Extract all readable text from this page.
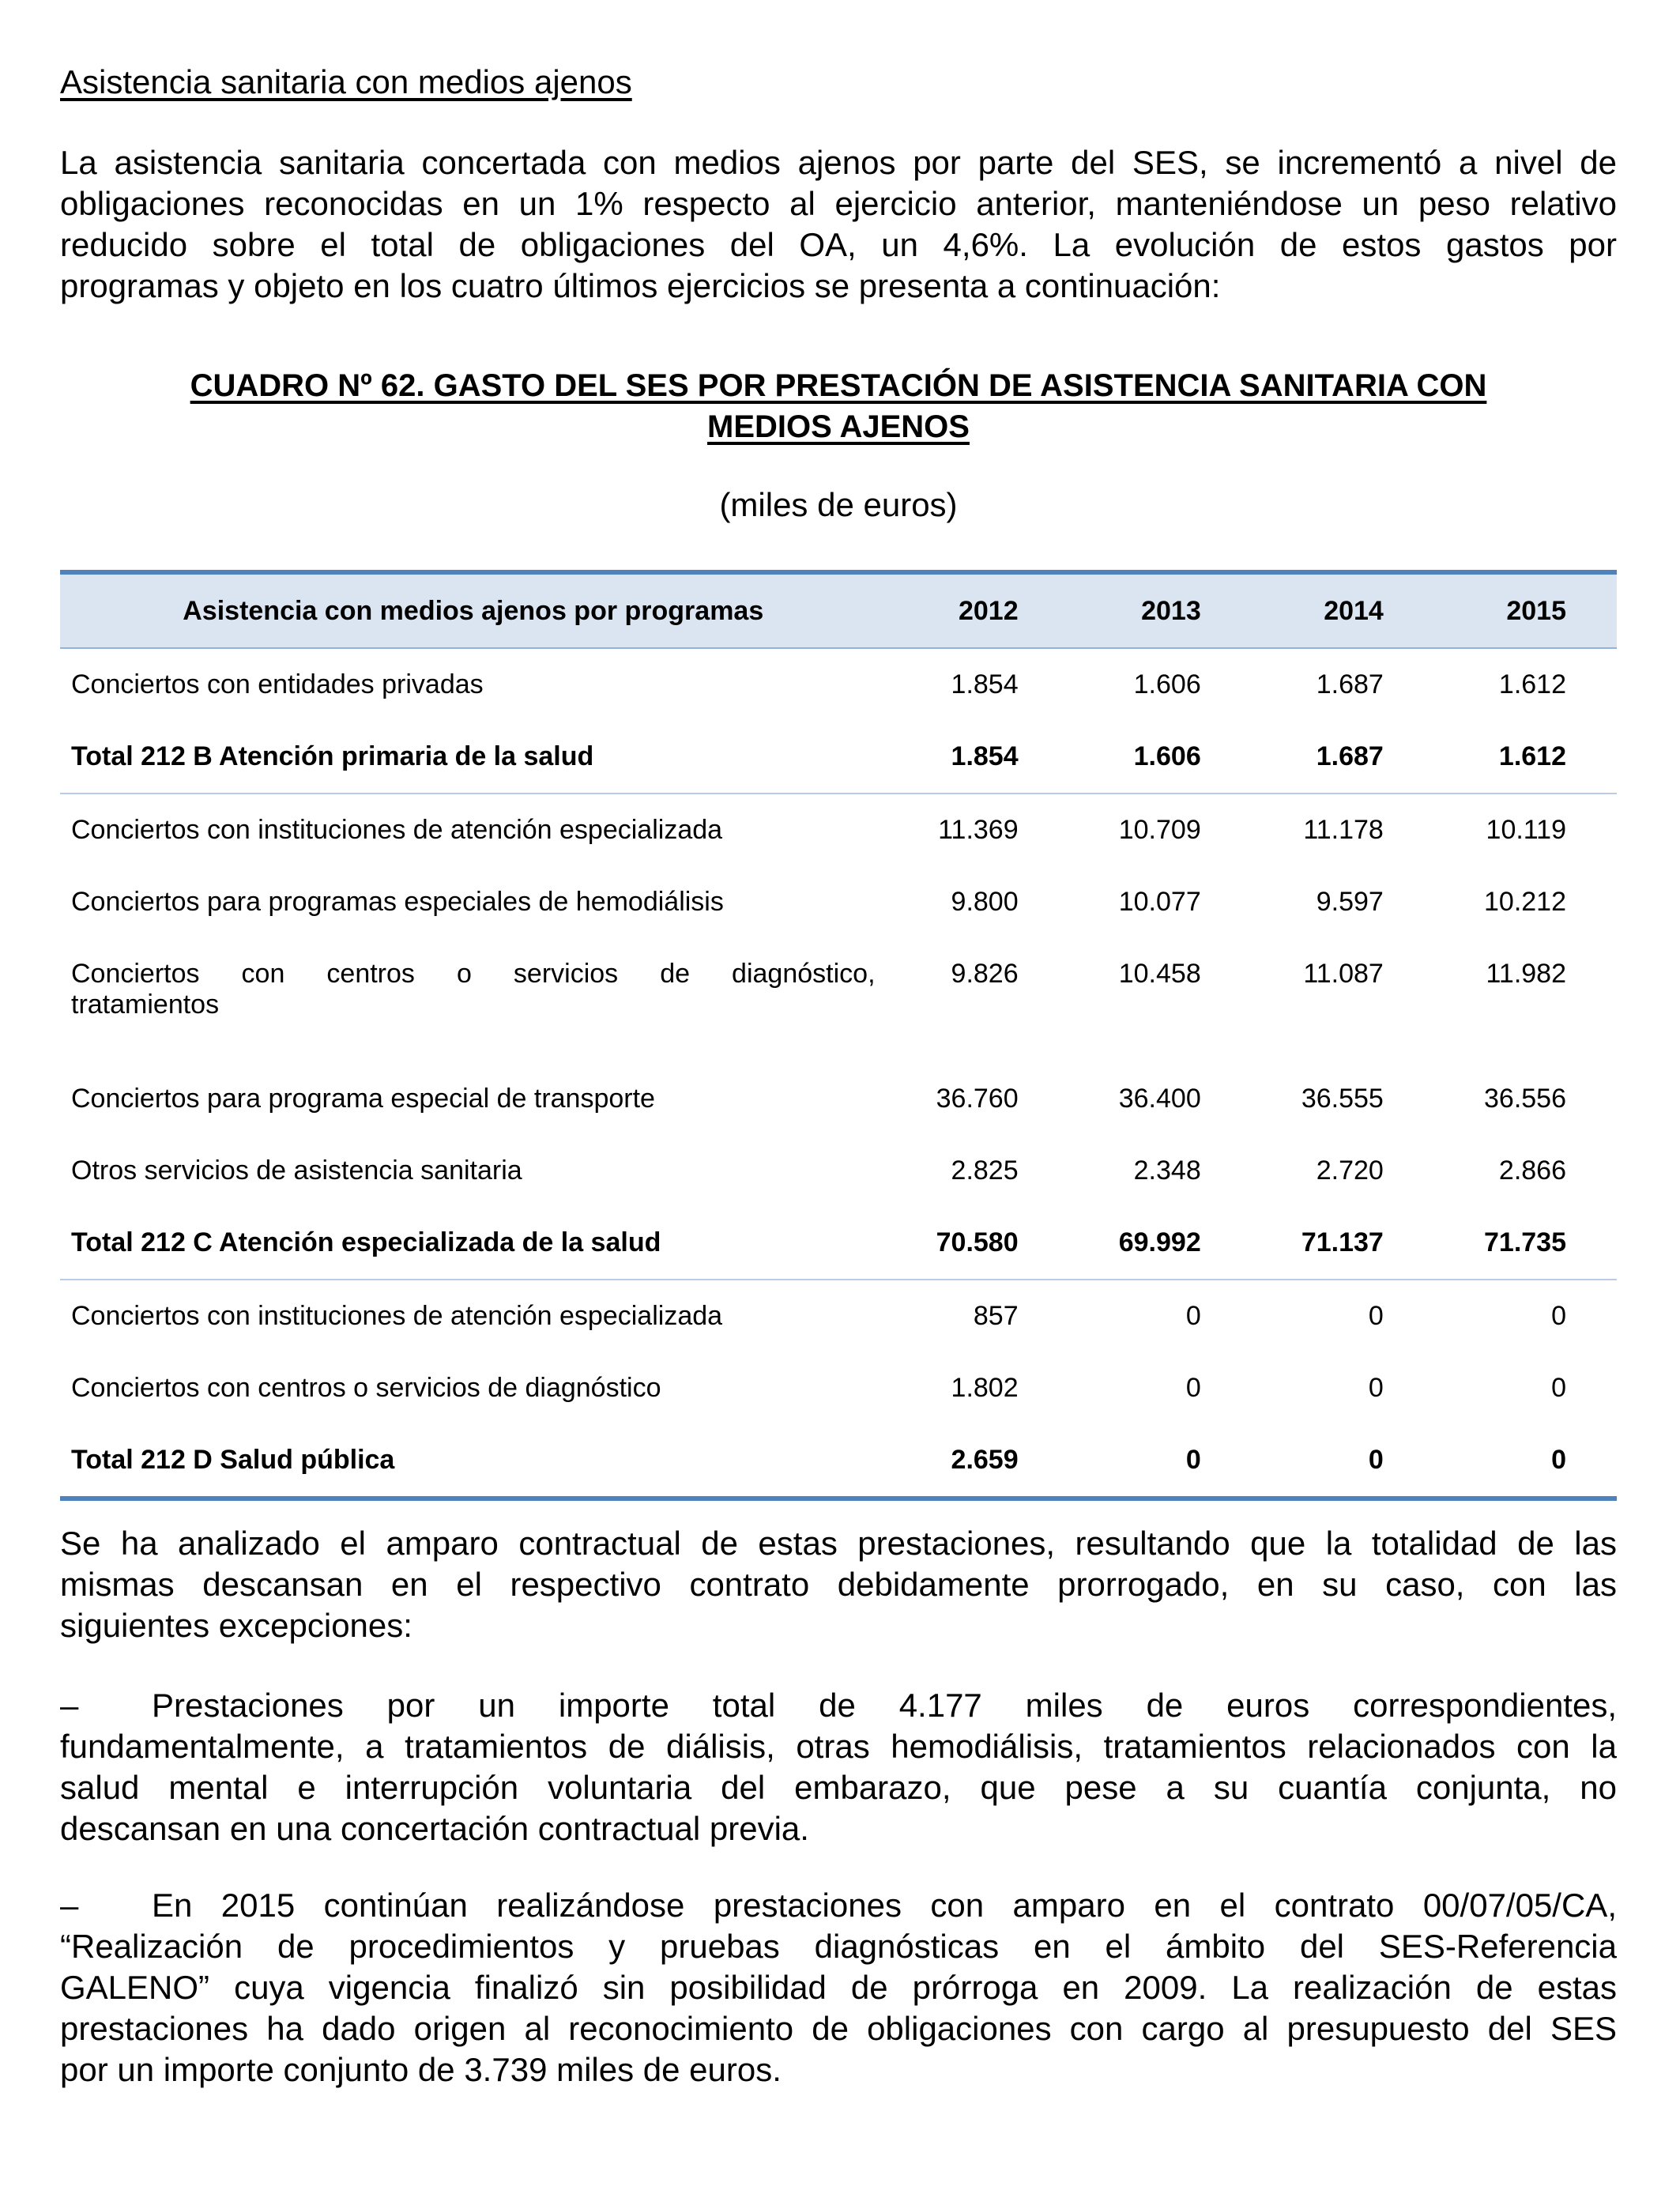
Asistencia sanitaria con medios ajenos
La asistencia sanitaria concertada con medios ajenos por parte del SES, se incrementó a nivel de
obligaciones reconocidas en un 1% respecto al ejercicio anterior, manteniéndose un peso relativo
reducido sobre el total de obligaciones del OA, un 4,6%. La evolución de estos gastos por
programas y objeto en los cuatro últimos ejercicios se presenta a continuación:
CUADRO Nº 62. GASTO DEL SES POR PRESTACIÓN DE ASISTENCIA SANITARIA CON
MEDIOS AJENOS
(miles de euros)
Asistencia con medios ajenos por programas	2012	2013	2014	2015
Conciertos con entidades privadas	1.854	1.606	1.687	1.612
Total 212 B Atención primaria de la salud	1.854	1.606	1.687	1.612
Conciertos con instituciones de atención especializada	11.369	10.709	11.178	10.119
Conciertos para programas especiales de hemodiálisis	9.800	10.077	9.597	10.212

Conciertos con centros o servicios de diagnóstico,
tratamientos	9.826	10.458	11.087	11.982
Conciertos para programa especial de transporte	36.760	36.400	36.555	36.556
Otros servicios de asistencia sanitaria	2.825	2.348	2.720	2.866
Total 212 C Atención especializada de la salud	70.580	69.992	71.137	71.735
Conciertos con instituciones de atención especializada	857	0	0	0
Conciertos con centros o servicios de diagnóstico	1.802	0	0	0
Total 212 D Salud pública	2.659	0	0	0
Se ha analizado el amparo contractual de estas prestaciones, resultando que la totalidad de las
mismas descansan en el respectivo contrato debidamente prorrogado, en su caso, con las
siguientes excepciones:
– Prestaciones por un importe total de 4.177 miles de euros correspondientes,
fundamentalmente, a tratamientos de diálisis, otras hemodiálisis, tratamientos relacionados con la
salud mental e interrupción voluntaria del embarazo, que pese a su cuantía conjunta, no
descansan en una concertación contractual previa.
– En 2015 continúan realizándose prestaciones con amparo en el contrato 00/07/05/CA,
“Realización de procedimientos y pruebas diagnósticas en el ámbito del SES-Referencia
GALENO” cuya vigencia finalizó sin posibilidad de prórroga en 2009. La realización de estas
prestaciones ha dado origen al reconocimiento de obligaciones con cargo al presupuesto del SES
por un importe conjunto de 3.739 miles de euros.
